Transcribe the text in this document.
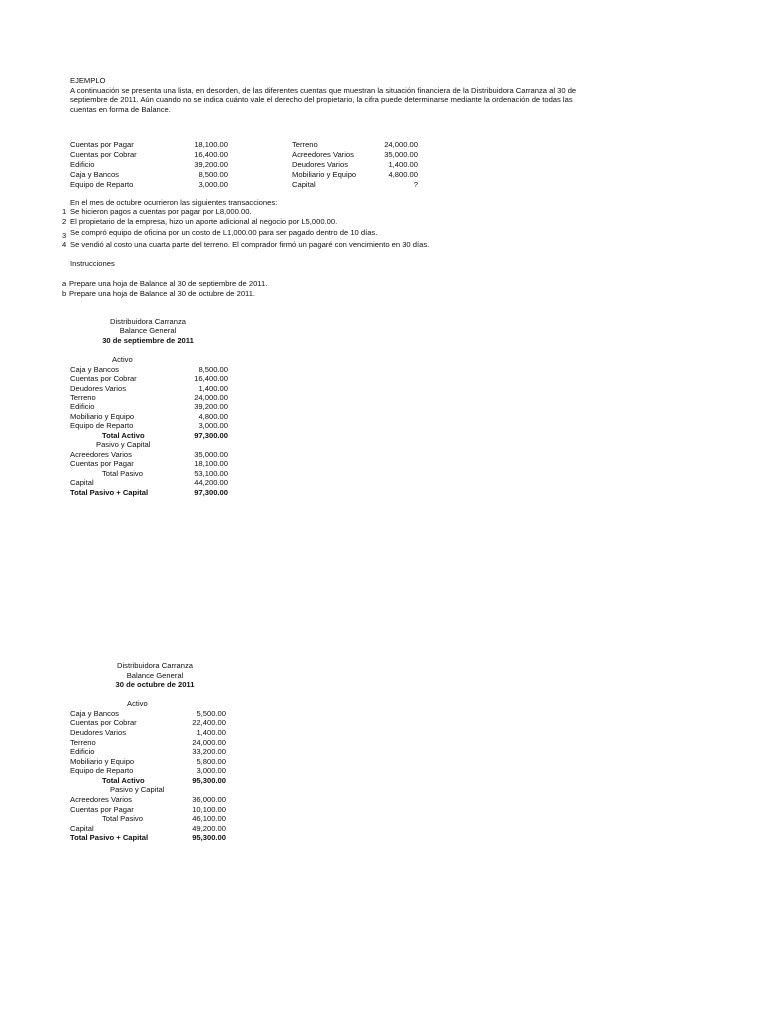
EJEMPLO
A continuación se presenta una lista, en desorden, de las diferentes cuentas que muestran la situación financiera de la Distribuidora Carranza al 30 de septiembre de 2011. Aún cuando no se indica cuánto vale el derecho del propietario, la cifra puede determinarse mediante la ordenación de todas las cuentas en forma de Balance.
Cuentas por Pagar	18,100.00
Cuentas por Cobrar	16,400.00
Edificio	39,200.00
Caja y Bancos	8,500.00
Equipo de Reparto	3,000.00
Terreno	24,000.00
Acreedores Varios	35,000.00
Deudores Varios	1,400.00
Mobiliario y Equipo	4,800.00
Capital	?
En el mes de octubre ocurrieron las siguientes transacciones:
1 Se hicieron pagos a cuentas por pagar por L8,000.00.
2 El propietario de la empresa, hizo un aporte adicional al negocio por L5,000.00.
3 Se compró equipo de oficina por un costo de L1,000.00 para ser pagado dentro de 10 días.
4 Se vendió al costo una cuarta parte del terreno. El comprador firmó un pagaré con vencimiento en 30 días.
Instrucciones
a Prepare una hoja de Balance al 30 de septiembre de 2011.
b Prepare una hoja de Balance al 30 de octubre de 2011.
Distribuidora Carranza
Balance General
30 de septiembre de 2011
Activo
Caja y Bancos	8,500.00
Cuentas por Cobrar	16,400.00
Deudores Varios	1,400.00
Terreno	24,000.00
Edificio	39,200.00
Mobiliario y Equipo	4,800.00
Equipo de Reparto	3,000.00
Total Activo	97,300.00
Pasivo y Capital
Acreedores Varios	35,000.00
Cuentas por Pagar	18,100.00
Total Pasivo	53,100.00
Capital	44,200.00
Total Pasivo + Capital	97,300.00
Distribuidora Carranza
Balance General
30 de octubre de 2011
Activo
Caja y Bancos	5,500.00
Cuentas por Cobrar	22,400.00
Deudores Varios	1,400.00
Terreno	24,000.00
Edificio	33,200.00
Mobiliario y Equipo	5,800.00
Equipo de Reparto	3,000.00
Total Activo	95,300.00
Pasivo y Capital
Acreedores Varios	36,000.00
Cuentas por Pagar	10,100.00
Total Pasivo	46,100.00
Capital	49,200.00
Total Pasivo + Capital	95,300.00
